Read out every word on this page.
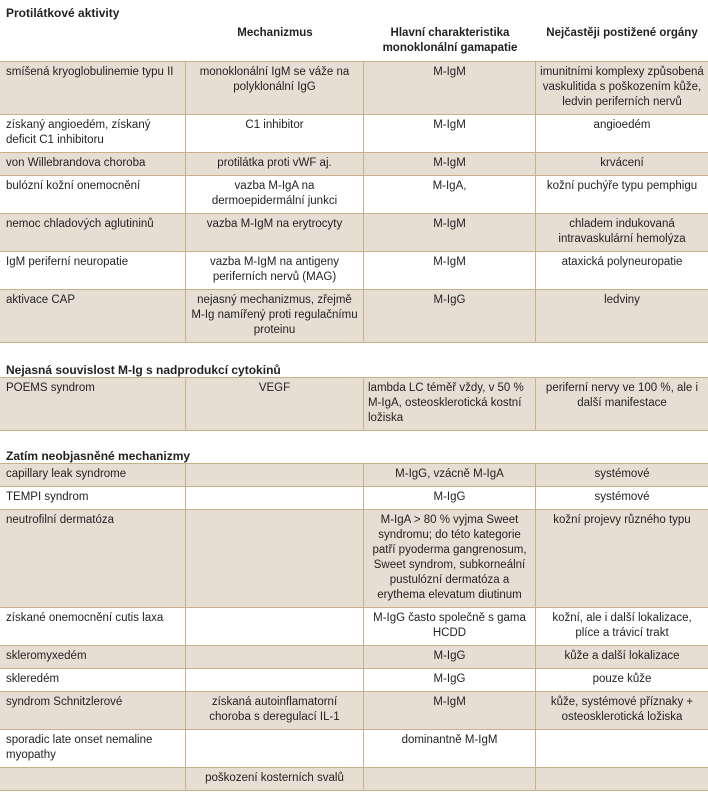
Protilátkové aktivity
	Mechanizmus	Hlavní charakteristika monoklonální gamapatie	Nejčastěji postižené orgány
smíšená kryoglobulinemie typu II	monoklonální IgM se váže na polyklonální IgG	M-IgM	imunitními komplexy způsobená vaskulitida s poškozením kůže, ledvin periferních nervů
získaný angioedém, získaný deficit C1 inhibitoru	C1 inhibitor	M-IgM	angioedém
von Willebrandova choroba	protilátka proti vWF aj.	M-IgM	krvácení
bulózní kožní onemocnění	vazba M-IgA na dermoepidermální junkci	M-IgA,	kožní puchýře typu pemphigu
nemoc chladových aglutininů	vazba M-IgM na erytrocyty	M-IgM	chladem indukovaná intravaskulární hemolýza
IgM periferní neuropatie	vazba M-IgM na antigeny periferních nervů (MAG)	M-IgM	ataxická polyneuropatie
aktivace CAP	nejasný mechanizmus, zřejmě M-Ig namířený proti regulačnímu proteinu	M-IgG	ledviny
Nejasná souvislost M-Ig s nadprodukcí cytokinů
POEMS syndrom	VEGF	lambda LC téměř vždy, v 50 % M-IgA, osteosklerotická kostní ložiska	periferní nervy ve 100 %, ale i další manifestace
Zatím neobjasněné mechanizmy
capillary leak syndrome		M-IgG, vzácně M-IgA	systémové
TEMPI syndrom		M-IgG	systémové
neutrofilní dermatóza		M-IgA > 80 % vyjma Sweet syndromu; do této kategorie patří pyoderma gangrenosum, Sweet syndrom, subkorneální pustulózní dermatóza a erythema elevatum diutinum	kožní projevy různého typu
získané onemocnění cutis laxa		M-IgG často společně s gama HCDD	kožní, ale i další lokalizace, plíce a trávicí trakt
skleromyxedém		M-IgG	kůže a další lokalizace
skleredém		M-IgG	pouze kůže
syndrom Schnitzlerové	získaná autoinflamatorní choroba s deregulací IL-1	M-IgM	kůže, systémové příznaky + osteosklerotická ložiska
sporadic late onset nemaline myopathy		dominantně M-IgM	
	poškození kosterních svalů		
